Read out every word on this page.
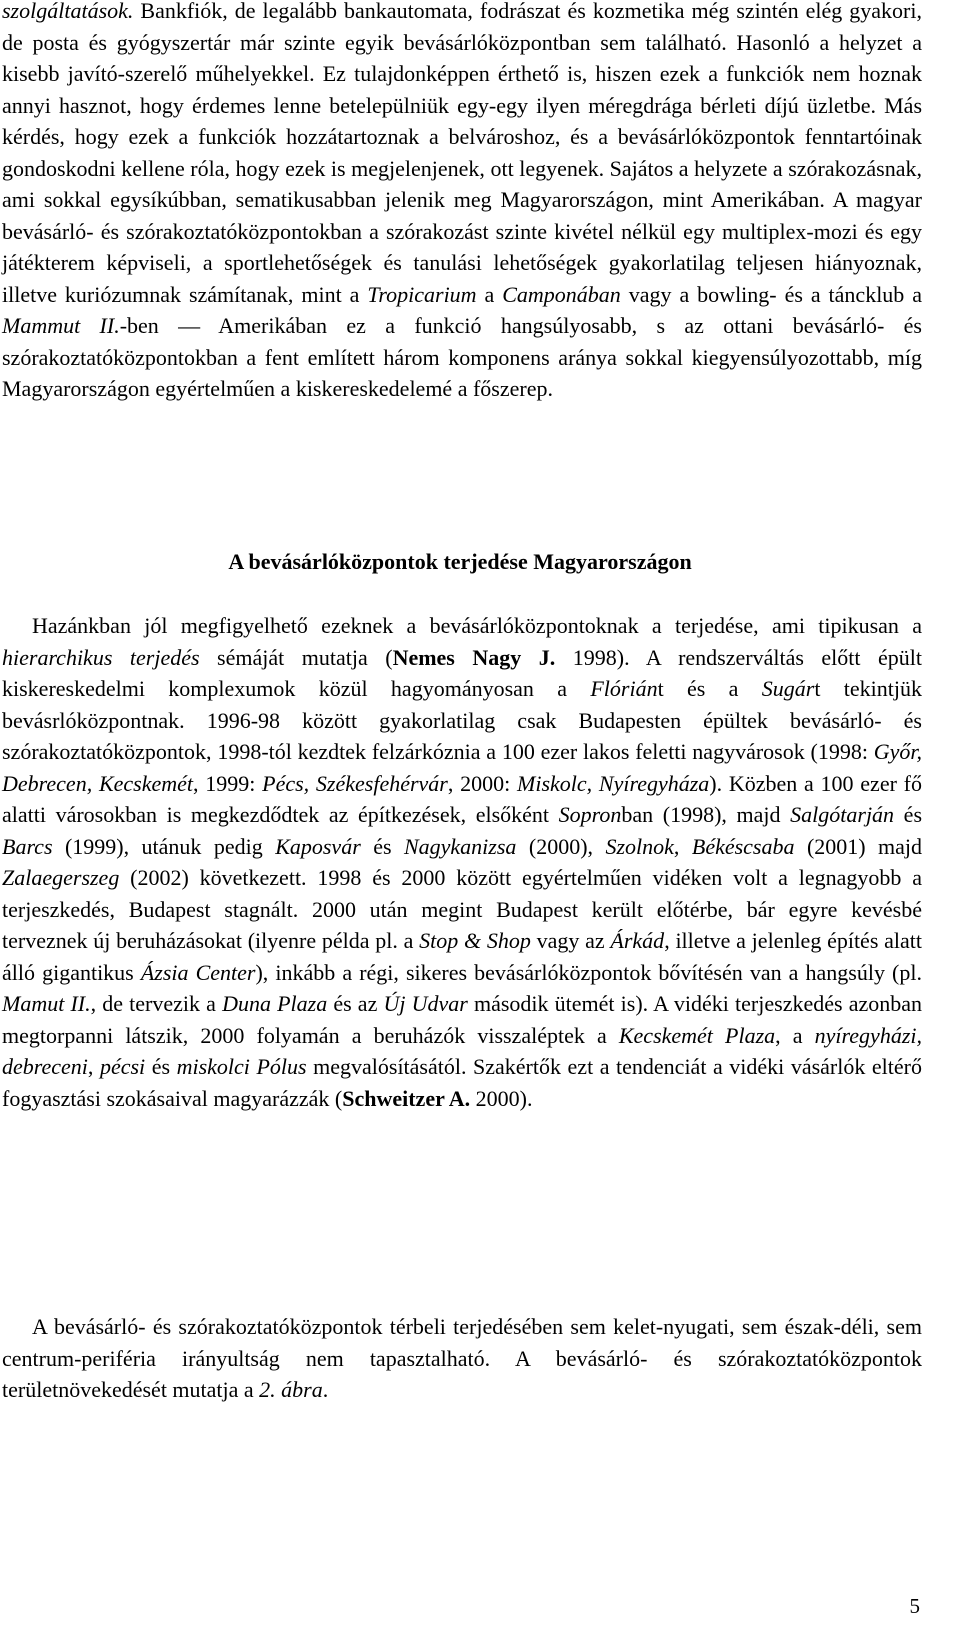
szolgáltatások. Bankfiók, de legalább bankautomata, fodrászat és kozmetika még szintén elég gyakori, de posta és gyógyszertár már szinte egyik bevásárlóközpontban sem található. Hasonló a helyzet a kisebb javító-szerelő műhelyekkel. Ez tulajdonképpen érthető is, hiszen ezek a funkciók nem hoznak annyi hasznot, hogy érdemes lenne betelepülniük egy-egy ilyen méregdrága bérleti díjú üzletbe. Más kérdés, hogy ezek a funkciók hozzátartoznak a belvároshoz, és a bevásárlóközpontok fenntartóinak gondoskodni kellene róla, hogy ezek is megjelenjenek, ott legyenek. Sajátos a helyzete a szórakozásnak, ami sokkal egysíkúbban, sematikusabban jelenik meg Magyarországon, mint Amerikában. A magyar bevásárló- és szórakoztatóközpontokban a szórakozást szinte kivétel nélkül egy multiplex-mozi és egy játékterem képviseli, a sportlehetőségek és tanulási lehetőségek gyakorlatilag teljesen hiányoznak, illetve kuriózumnak számítanak, mint a Tropicarium a Camponában vagy a bowling- és a táncklub a Mammut II.-ben — Amerikában ez a funkció hangsúlyosabb, s az ottani bevásárló- és szórakoztatóközpontokban a fent említett három komponens aránya sokkal kiegyensúlyozottabb, míg Magyarországon egyértelműen a kiskereskedelemé a főszerep.

A bevásárlóközpontok terjedése Magyarországon

Hazánkban jól megfigyelhető ezeknek a bevásárlóközpontoknak a terjedése, ami tipikusan a hierarchikus terjedés sémáját mutatja (Nemes Nagy J. 1998). A rendszerváltás előtt épült kiskereskedelmi komplexumok közül hagyományosan a Flóriánt és a Sugárt tekintjük bevásrlóközpontnak. 1996-98 között gyakorlatilag csak Budapesten épültek bevásárló- és szórakoztatóközpontok, 1998-tól kezdtek felzárkóznia a 100 ezer lakos feletti nagyvárosok (1998: Győr, Debrecen, Kecskemét, 1999: Pécs, Székesfehérvár, 2000: Miskolc, Nyíregyháza). Közben a 100 ezer fő alatti városokban is megkezdődtek az építkezések, elsőként Sopronban (1998), majd Salgótarján és Barcs (1999), utánuk pedig Kaposvár és Nagykanizsa (2000), Szolnok, Békéscsaba (2001) majd Zalaegerszeg (2002) következett. 1998 és 2000 között egyértelműen vidéken volt a legnagyobb a terjeszkedés, Budapest stagnált. 2000 után megint Budapest került előtérbe, bár egyre kevésbé terveznek új beruházásokat (ilyenre példa pl. a Stop & Shop vagy az Árkád, illetve a jelenleg építés alatt álló gigantikus Ázsia Center), inkább a régi, sikeres bevásárlóközpontok bővítésén van a hangsúly (pl. Mamut II., de tervezik a Duna Plaza és az Új Udvar második ütemét is). A vidéki terjeszkedés azonban megtorpanni látszik, 2000 folyamán a beruházók visszaléptek a Kecskemét Plaza, a nyíregyházi, debreceni, pécsi és miskolci Pólus megvalósításától. Szakértők ezt a tendenciát a vidéki vásárlók eltérő fogyasztási szokásaival magyarázzák (Schweitzer A. 2000).

A bevásárló- és szórakoztatóközpontok térbeli terjedésében sem kelet-nyugati, sem észak-déli, sem centrum-periféria irányultság nem tapasztalható. A bevásárló- és szórakoztatóközpontok területnövekedését mutatja a 2. ábra.

5
